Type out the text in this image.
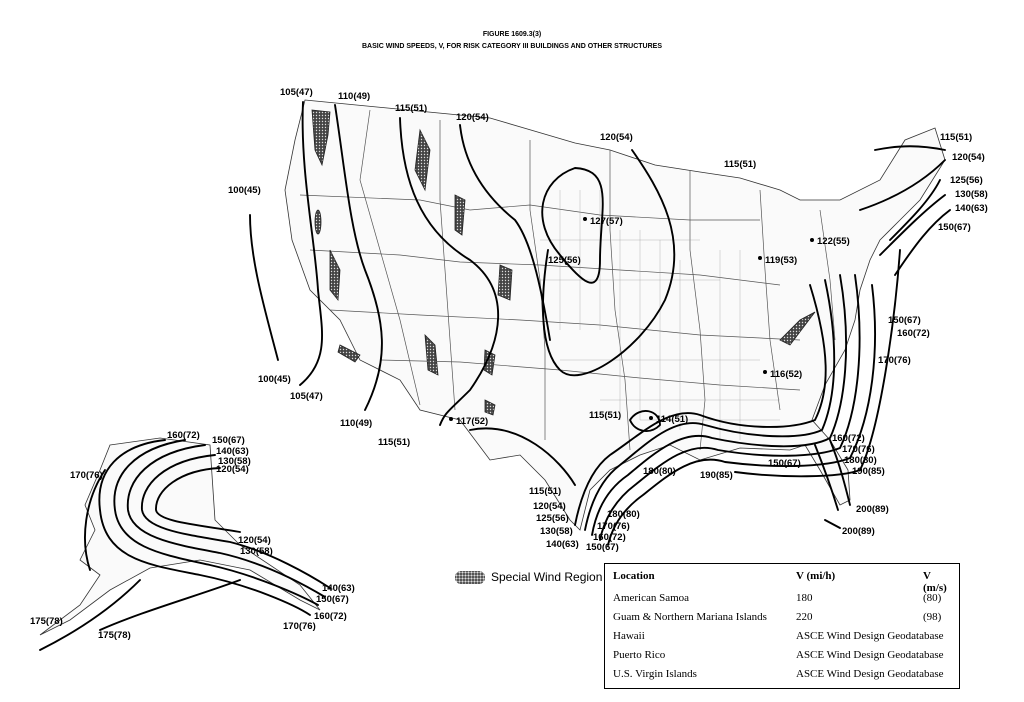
FIGURE 1609.3(3)
BASIC WIND SPEEDS, V, FOR RISK CATEGORY III BUILDINGS AND OTHER STRUCTURES
105(47)	110(49)
115(51)
120(54)
120(54)	115(51)
120(54)
125(56)
130(58)
140(63)
150(67)
115(51)
100(45)
127(57)
125(56)	119(53)
122(55)
100(45)
105(47)
110(49)
115(51)
117(52)
115(51)	114(51)
116(52)
150(67)
160(72)
170(76)
180(80)	190(85)
150(67)
160(72)
170(76)
180(80)
190(85)
200(89)
200(89)
115(51)
120(54)
125(56)
130(58)
140(63) 150(67)
160(72)
170(76)
180(80)
160(72) 150(67)
140(63)
130(58)
120(54)
170(76)
120(54)
130(58)
140(63)
150(67)
160(72)
170(76)
175(78)
175(78)
Special Wind Region Location	V (mi/h)	V (m/s)
American Samoa	180	(80)
Guam & Northern Mariana Islands	220	(98)
Hawaii	ASCE Wind Design Geodatabase
Puerto Rico	ASCE Wind Design Geodatabase
U.S. Virgin Islands	ASCE Wind Design Geodatabase
